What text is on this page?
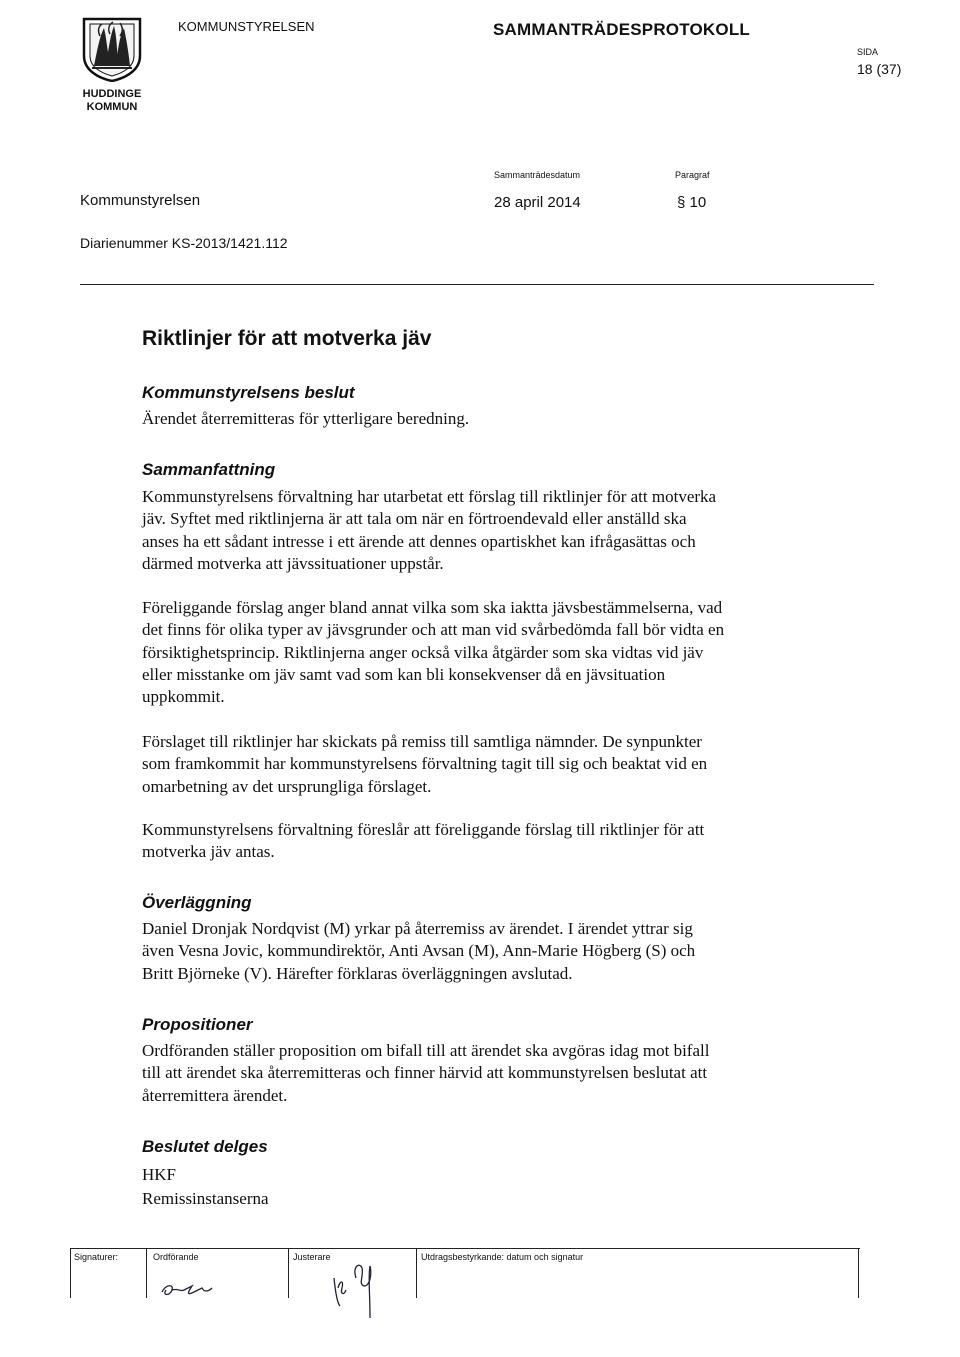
HUDDINGE
KOMMUN
KOMMUNSTYRELSEN	SAMMANTRÄDESPROTOKOLL
SIDA
18 (37)
Sammanträdesdatum	Paragraf
Kommunstyrelsen	28 april 2014	§ 10
Diarienummer KS-2013/1421.112
Riktlinjer för att motverka jäv
Kommunstyrelsens beslut
Ärendet återremitteras för ytterligare beredning.
Sammanfattning
Kommunstyrelsens förvaltning har utarbetat ett förslag till riktlinjer för att motverka
jäv. Syftet med riktlinjerna är att tala om när en förtroendevald eller anställd ska
anses ha ett sådant intresse i ett ärende att dennes opartiskhet kan ifrågasättas och
därmed motverka att jävssituationer uppstår.
Föreliggande förslag anger bland annat vilka som ska iaktta jävsbestämmelserna, vad
det finns för olika typer av jävsgrunder och att man vid svårbedömda fall bör vidta en
försiktighetsprincip. Riktlinjerna anger också vilka åtgärder som ska vidtas vid jäv
eller misstanke om jäv samt vad som kan bli konsekvenser då en jävsituation
uppkommit.
Förslaget till riktlinjer har skickats på remiss till samtliga nämnder. De synpunkter
som framkommit har kommunstyrelsens förvaltning tagit till sig och beaktat vid en
omarbetning av det ursprungliga förslaget.
Kommunstyrelsens förvaltning föreslår att föreliggande förslag till riktlinjer för att
motverka jäv antas.
Överläggning
Daniel Dronjak Nordqvist (M) yrkar på återremiss av ärendet. I ärendet yttrar sig
även Vesna Jovic, kommundirektör, Anti Avsan (M), Ann-Marie Högberg (S) och
Britt Björneke (V). Härefter förklaras överläggningen avslutad.
Propositioner
Ordföranden ställer proposition om bifall till att ärendet ska avgöras idag mot bifall
till att ärendet ska återremitteras och finner härvid att kommunstyrelsen beslutat att
återremittera ärendet.
Beslutet delges
HKF
Remissinstanserna
Signaturer:	Ordförande	Justerare	Utdragsbestyrkande: datum och signatur
